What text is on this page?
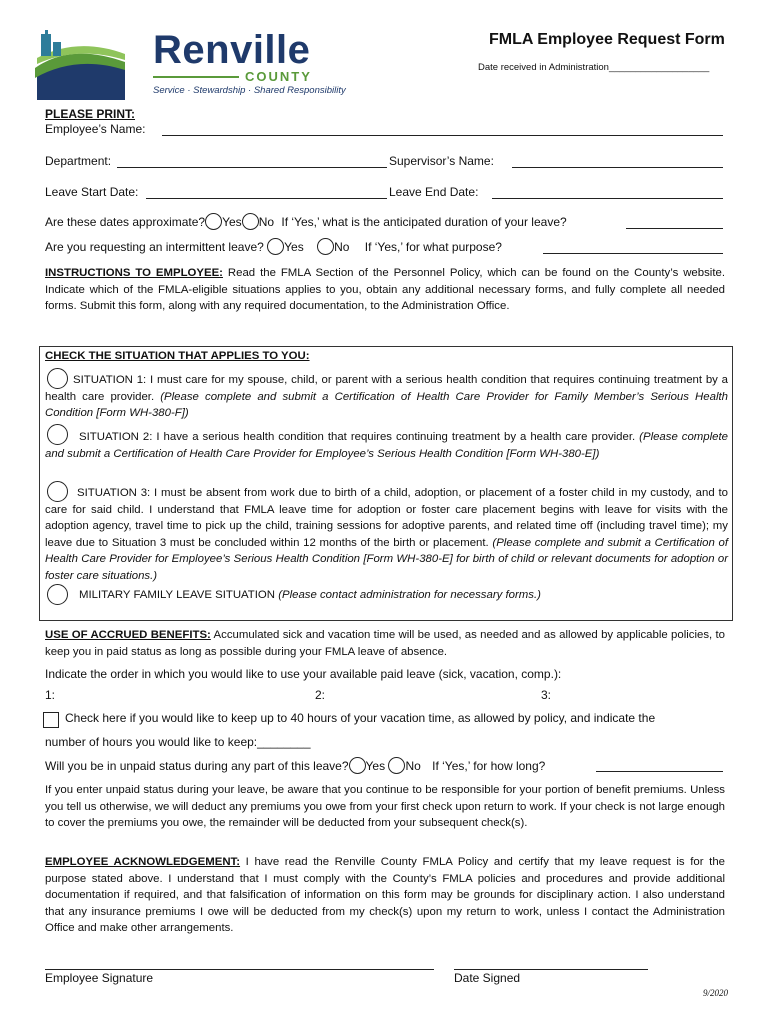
Renville
COUNTY
Service · Stewardship · Shared Responsibility
FMLA Employee Request Form
Date received in Administration___________________
PLEASE PRINT:
Employee’s Name:
Department:	Supervisor’s Name:
Leave Start Date:	Leave End Date:
Are these dates approximate? Yes No If ‘Yes,’ what is the anticipated duration of your leave?
Are you requesting an intermittent leave? Yes	No If ‘Yes,’ for what purpose?
INSTRUCTIONS TO EMPLOYEE: Read the FMLA Section of the Personnel Policy, which can be found on the County’s website. Indicate which of the FMLA-eligible situations applies to you, obtain any additional necessary forms, and fully complete all needed forms. Submit this form, along with any required documentation, to the Administration Office.
CHECK THE SITUATION THAT APPLIES TO YOU:
SITUATION 1: I must care for my spouse, child, or parent with a serious health condition that requires continuing treatment by a health care provider. (Please complete and submit a Certification of Health Care Provider for Family Member’s Serious Health Condition [Form WH-380-F])
SITUATION 2: I have a serious health condition that requires continuing treatment by a health care provider. (Please complete and submit a Certification of Health Care Provider for Employee’s Serious Health Condition [Form WH-380-E])
SITUATION 3: I must be absent from work due to birth of a child, adoption, or placement of a foster child in my custody, and to care for said child. I understand that FMLA leave time for adoption or foster care placement begins with leave for visits with the adoption agency, travel time to pick up the child, training sessions for adoptive parents, and related time off (including travel time); my leave due to Situation 3 must be concluded within 12 months of the birth or placement. (Please complete and submit a Certification of Health Care Provider for Employee’s Serious Health Condition [Form WH-380-E] for birth of child or relevant documents for adoption or foster care situations.)
MILITARY FAMILY LEAVE SITUATION (Please contact administration for necessary forms.)
USE OF ACCRUED BENEFITS: Accumulated sick and vacation time will be used, as needed and as allowed by applicable policies, to keep you in paid status as long as possible during your FMLA leave of absence.
Indicate the order in which you would like to use your available paid leave (sick, vacation, comp.):
1:	2:	3:
Check here if you would like to keep up to 40 hours of your vacation time, as allowed by policy, and indicate the
number of hours you would like to keep:________
Will you be in unpaid status during any part of this leave? Yes No If ‘Yes,’ for how long?
If you enter unpaid status during your leave, be aware that you continue to be responsible for your portion of benefit premiums. Unless you tell us otherwise, we will deduct any premiums you owe from your first check upon return to work. If your check is not large enough to cover the premiums you owe, the remainder will be deducted from your subsequent check(s).
EMPLOYEE ACKNOWLEDGEMENT: I have read the Renville County FMLA Policy and certify that my leave request is for the purpose stated above. I understand that I must comply with the County’s FMLA policies and procedures and provide additional documentation if required, and that falsification of information on this form may be grounds for disciplinary action. I also understand that any insurance premiums I owe will be deducted from my check(s) upon my return to work, unless I contact the Administration Office and make other arrangements.
Employee Signature	Date Signed
9/2020
